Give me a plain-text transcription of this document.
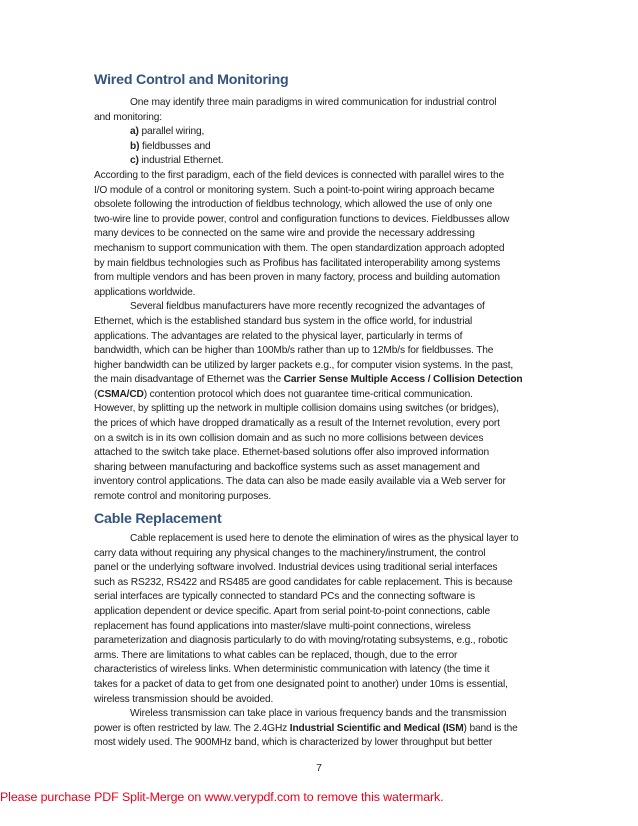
Wired Control and Monitoring
One may identify three main paradigms in wired communication for industrial control
and monitoring:
a) parallel wiring,
b) fieldbusses and
c) industrial Ethernet.
According to the first paradigm, each of the field devices is connected with parallel wires to the
I/O module of a control or monitoring system. Such a point-to-point wiring approach became
obsolete following the introduction of fieldbus technology, which allowed the use of only one
two-wire line to provide power, control and configuration functions to devices. Fieldbusses allow
many devices to be connected on the same wire and provide the necessary addressing
mechanism to support communication with them. The open standardization approach adopted
by main fieldbus technologies such as Profibus has facilitated interoperability among systems
from multiple vendors and has been proven in many factory, process and building automation
applications worldwide.
Several fieldbus manufacturers have more recently recognized the advantages of
Ethernet, which is the established standard bus system in the office world, for industrial
applications. The advantages are related to the physical layer, particularly in terms of
bandwidth, which can be higher than 100Mb/s rather than up to 12Mb/s for fieldbusses. The
higher bandwidth can be utilized by larger packets e.g., for computer vision systems. In the past,
the main disadvantage of Ethernet was the Carrier Sense Multiple Access / Collision Detection
(CSMA/CD) contention protocol which does not guarantee time-critical communication.
However, by splitting up the network in multiple collision domains using switches (or bridges),
the prices of which have dropped dramatically as a result of the Internet revolution, every port
on a switch is in its own collision domain and as such no more collisions between devices
attached to the switch take place. Ethernet-based solutions offer also improved information
sharing between manufacturing and backoffice systems such as asset management and
inventory control applications. The data can also be made easily available via a Web server for
remote control and monitoring purposes.
Cable Replacement
Cable replacement is used here to denote the elimination of wires as the physical layer to
carry data without requiring any physical changes to the machinery/instrument, the control
panel or the underlying software involved. Industrial devices using traditional serial interfaces
such as RS232, RS422 and RS485 are good candidates for cable replacement. This is because
serial interfaces are typically connected to standard PCs and the connecting software is
application dependent or device specific. Apart from serial point-to-point connections, cable
replacement has found applications into master/slave multi-point connections, wireless
parameterization and diagnosis particularly to do with moving/rotating subsystems, e.g., robotic
arms. There are limitations to what cables can be replaced, though, due to the error
characteristics of wireless links. When deterministic communication with latency (the time it
takes for a packet of data to get from one designated point to another) under 10ms is essential,
wireless transmission should be avoided.
Wireless transmission can take place in various frequency bands and the transmission
power is often restricted by law. The 2.4GHz Industrial Scientific and Medical (ISM) band is the
most widely used. The 900MHz band, which is characterized by lower throughput but better
7
Please purchase PDF Split-Merge on www.verypdf.com to remove this watermark.
